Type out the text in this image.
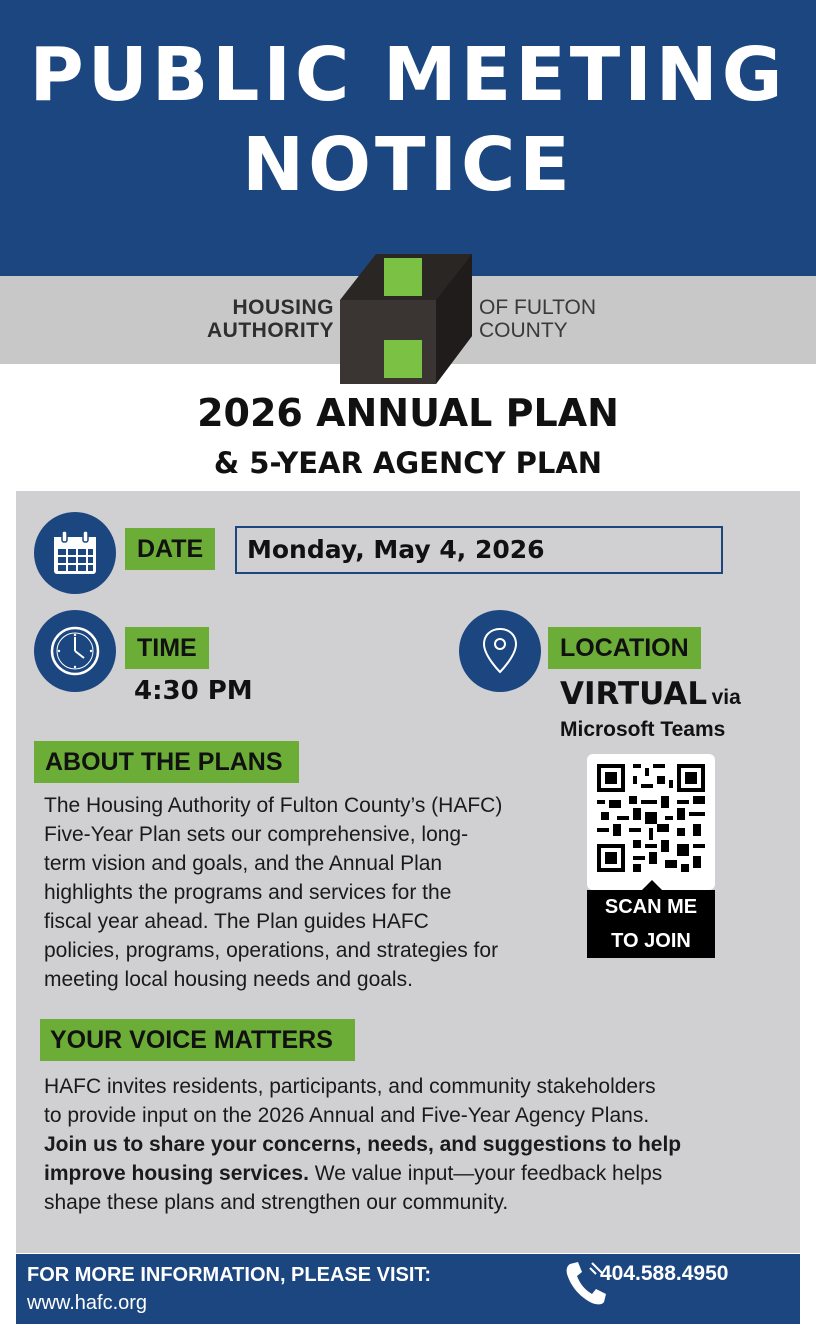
PUBLIC MEETING
NOTICE
HOUSING
AUTHORITY
OF FULTON
COUNTY
2026 ANNUAL PLAN
& 5-YEAR AGENCY PLAN
DATE	Monday, May 4, 2026
TIME
4:30 PM
LOCATION
VIRTUAL via
Microsoft Teams
ABOUT THE PLANS
The Housing Authority of Fulton County’s (HAFC)
Five-Year Plan sets our comprehensive, long-
term vision and goals, and the Annual Plan
highlights the programs and services for the
fiscal year ahead. The Plan guides HAFC
policies, programs, operations, and strategies for
meeting local housing needs and goals.
SCAN ME
TO JOIN
YOUR VOICE MATTERS
HAFC invites residents, participants, and community stakeholders
to provide input on the 2026 Annual and Five-Year Agency Plans.
Join us to share your concerns, needs, and suggestions to help
improve housing services. We value input—your feedback helps
shape these plans and strengthen our community.
FOR MORE INFORMATION, PLEASE VISIT:
www.hafc.org
404.588.4950
